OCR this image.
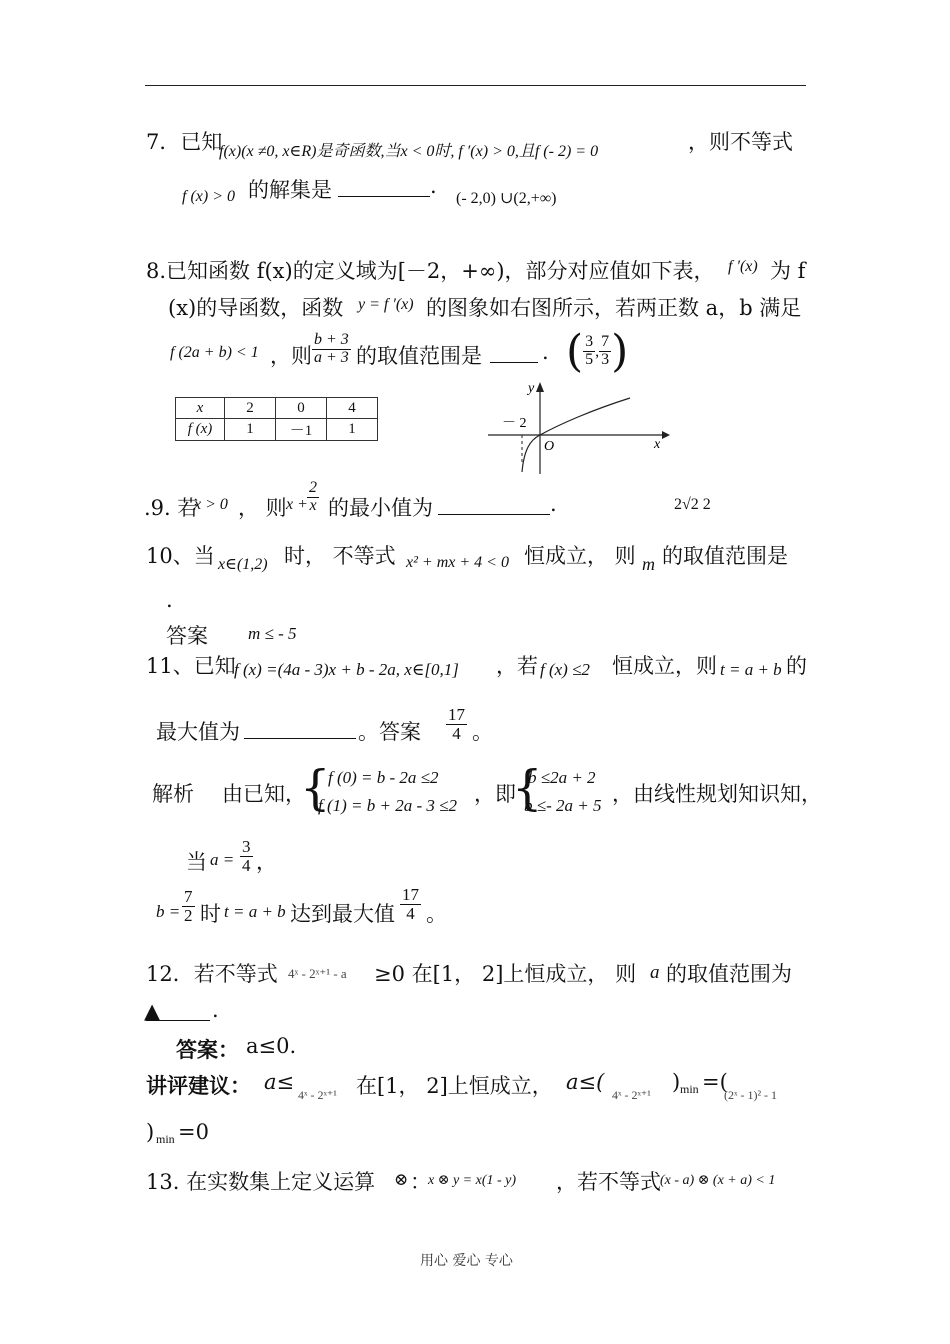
7．已知
f(x)(x ≠0, x∈R)是奇函数,当x < 0时, f ′(x) > 0,且f (- 2) = 0	，则不等式
f (x) > 0 的解集是	.
(- 2,0) ∪(2,+∞)
8.已知函数 f(x)的定义域为[－2，+∞)，部分对应值如下表， f ′(x) 为 f
(x)的导函数，函数 y = f ′(x) 的图象如右图所示，若两正数 a，b 满足
f (2a + b) < 1 ，则 $\frac{b + 3}{a + 3}$ 的取值范围是	. ( $\frac{3}{5}$ , $\frac{7}{3}$ )
x	2	0	4
f (x)	1	－1	1
y
x
O
－ 2
.9. 若
x > 0 ， 则 $x + \frac{2}{x}$ 的最小值为	.	2√2 2
10、当 x∈(1,2) 时， 不等式 x² + mx + 4 < 0 恒成立， 则 m 的取值范围是
.
答案 m ≤ - 5
11、已知
f (x) =(4a - 3)x + b - 2a, x∈[0,1] ，若 f (x) ≤2 恒成立，则 t = a + b 的
最大值为	。答案 $\frac{17}{4}$ 。
解析 由已知，
{
f (0) = b - 2a ≤2
f (1) = b + 2a - 3 ≤2 ，即
{
b ≤2a + 2
b ≤- 2a + 5 ，由线性规划知识知，
当 $a = \frac{3}{4}$ ，
$b = \frac{7}{2}$ 时 t = a + b 达到最大值 $\frac{17}{4}$ 。
12．若不等式 4ˣ - 2ˣ⁺¹ - a ≥0 在[1， 2]上恒成立， 则 a 的取值范围为
▲ .
答案： a≤0.
讲评建议： a≤
4ˣ - 2ˣ⁺¹ 在[1， 2]上恒成立， a≤(
4ˣ - 2ˣ⁺¹
) min =(
(2ˣ - 1)² - 1
) min =0
13. 在实数集上定义运算 ⊗ ：
x ⊗ y = x(1 - y) ，若不等式 (x - a) ⊗ (x + a) < 1
用心 爱心 专心
